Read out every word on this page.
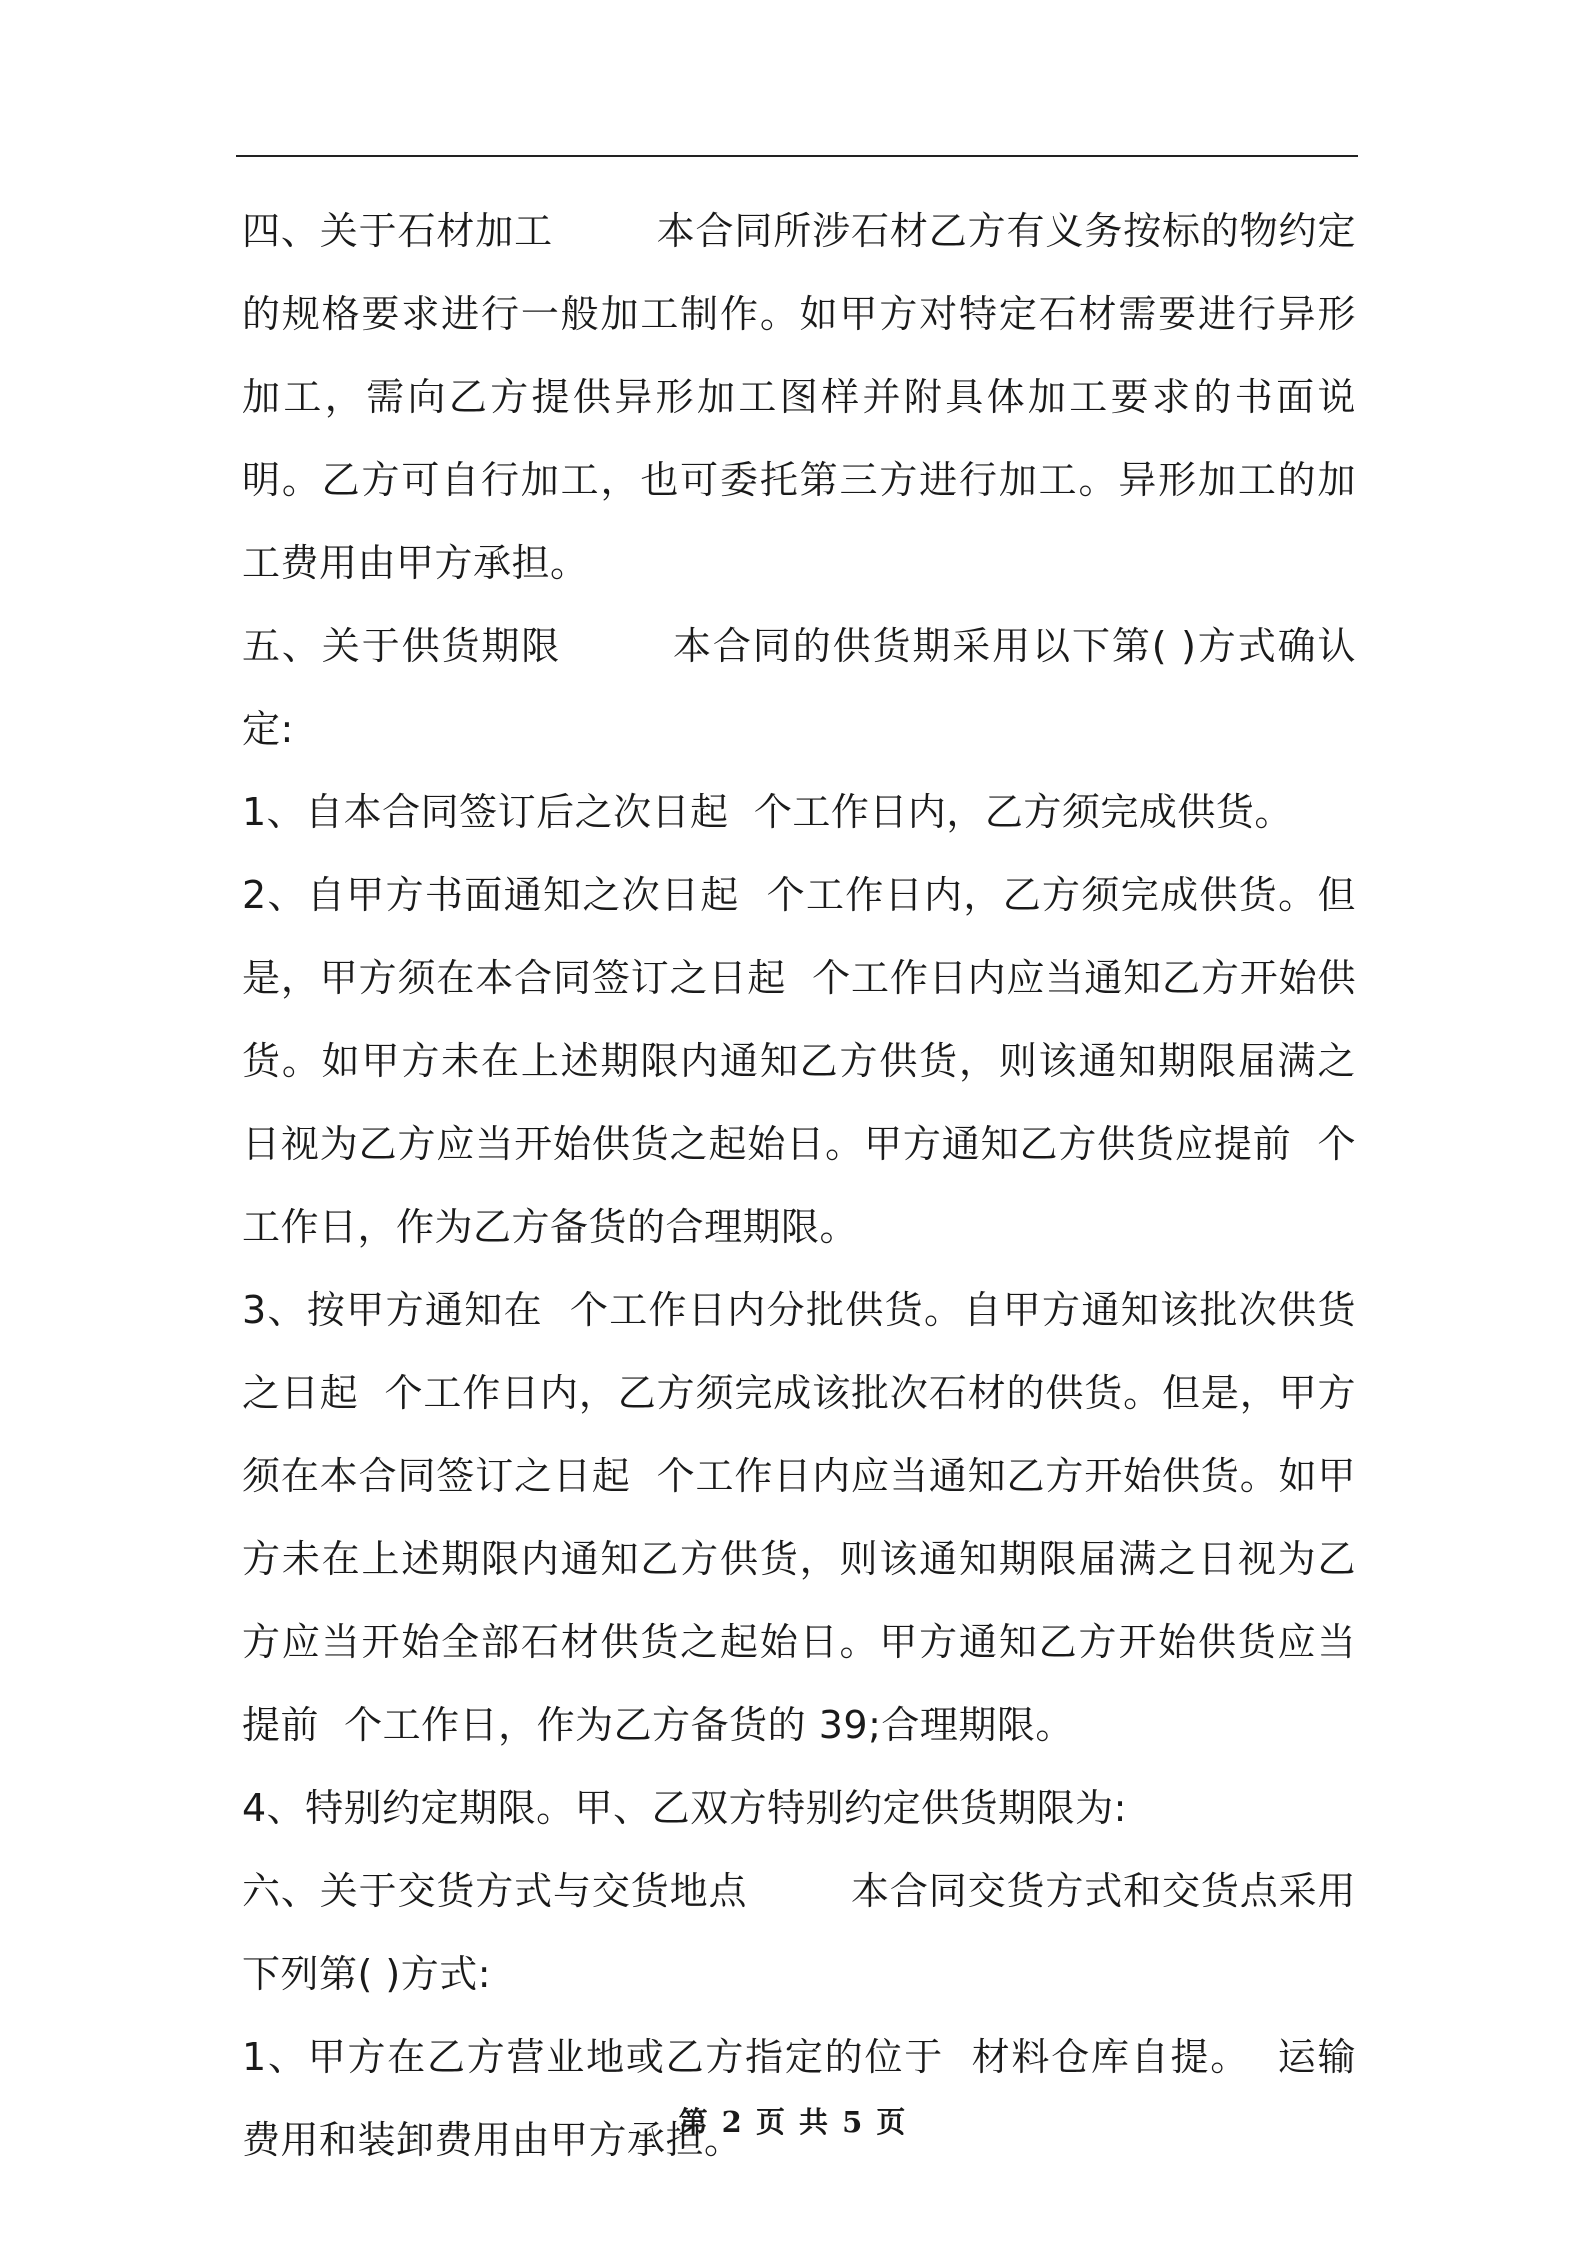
四、关于石材加工	本合同所涉石材乙方有义务按标的物约定的规格要求进行一般加工制作。如甲方对特定石材需要进行异形加工，需向乙方提供异形加工图样并附具体加工要求的书面说明。乙方可自行加工，也可委托第三方进行加工。异形加工的加工费用由甲方承担。

五、关于供货期限	本合同的供货期采用以下第( )方式确认定:

1、自本合同签订后之次日起  个工作日内，乙方须完成供货。

2、自甲方书面通知之次日起  个工作日内，乙方须完成供货。但是，甲方须在本合同签订之日起  个工作日内应当通知乙方开始供货。如甲方未在上述期限内通知乙方供货，则该通知期限届满之日视为乙方应当开始供货之起始日。甲方通知乙方供货应提前  个工作日，作为乙方备货的合理期限。

3、按甲方通知在  个工作日内分批供货。自甲方通知该批次供货之日起  个工作日内，乙方须完成该批次石材的供货。但是，甲方须在本合同签订之日起  个工作日内应当通知乙方开始供货。如甲方未在上述期限内通知乙方供货，则该通知期限届满之日视为乙方应当开始全部石材供货之起始日。甲方通知乙方开始供货应当提前  个工作日，作为乙方备货的 39;合理期限。

4、特别约定期限。甲、乙双方特别约定供货期限为:

六、关于交货方式与交货地点	本合同交货方式和交货点采用下列第( )方式:

1、甲方在乙方营业地或乙方指定的位于  材料仓库自提。  运输费用和装卸费用由甲方承担。

第 2 页 共 5 页
